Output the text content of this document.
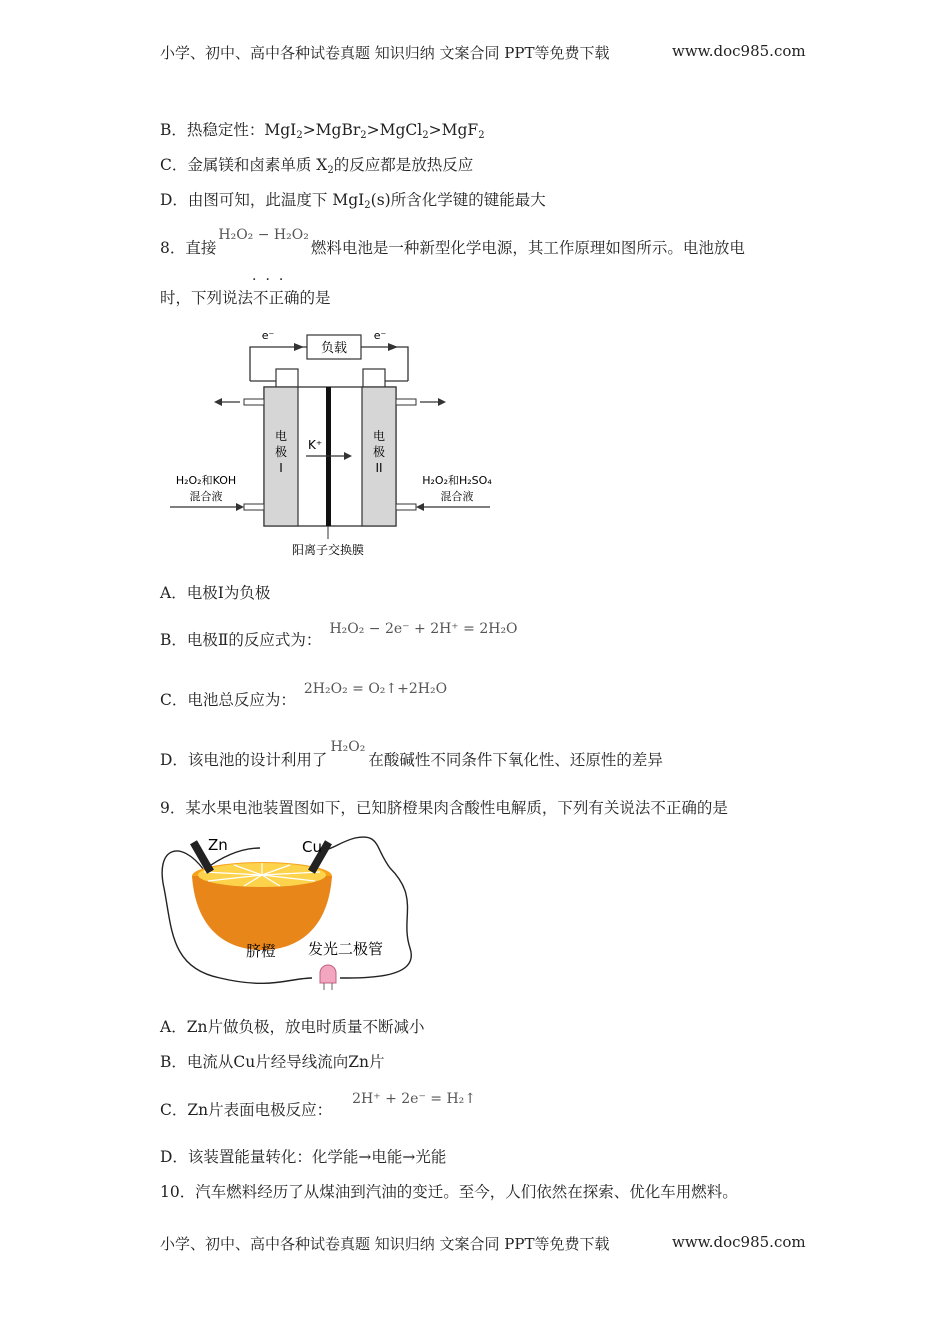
小学、初中、高中各种试卷真题 知识归纳 文案合同 PPT等免费下载	www.doc985.com
B．热稳定性：MgI$_2$>MgBr$_2$>MgCl$_2$>MgF$_2$
C．金属镁和卤素单质 $X_2$的反应都是放热反应
D．由图可知，此温度下 MgI$_2$(s)所含化学键的键能最大
8．直接H₂O₂ − H₂O₂燃料电池是一种新型化学电源，其工作原理如图所示。电池放电
···
时，下列说法不正确的是
负载
e⁻	e⁻
电
极
I
电
极
II
K⁺
H₂O₂和KOH
混合液
H₂O₂和H₂SO₄
混合液
阳离子交换膜
A．电极Ⅰ为负极
B．电极Ⅱ的反应式为：H₂O₂ − 2e⁻ + 2H⁺ = 2H₂O
C．电池总反应为：2H₂O₂ = O₂↑+2H₂O
D．该电池的设计利用了H₂O₂在酸碱性不同条件下氧化性、还原性的差异
9．某水果电池装置图如下，已知脐橙果肉含酸性电解质，下列有关说法不正确的是
Zn	Cu
脐橙 发光二极管
A．Zn片做负极，放电时质量不断减小
B．电流从Cu片经导线流向Zn片
C．Zn片表面电极反应：2H⁺ + 2e⁻ = H₂↑
D．该装置能量转化：化学能→电能→光能
10．汽车燃料经历了从煤油到汽油的变迁。至今，人们依然在探索、优化车用燃料。
小学、初中、高中各种试卷真题 知识归纳 文案合同 PPT等免费下载	www.doc985.com
